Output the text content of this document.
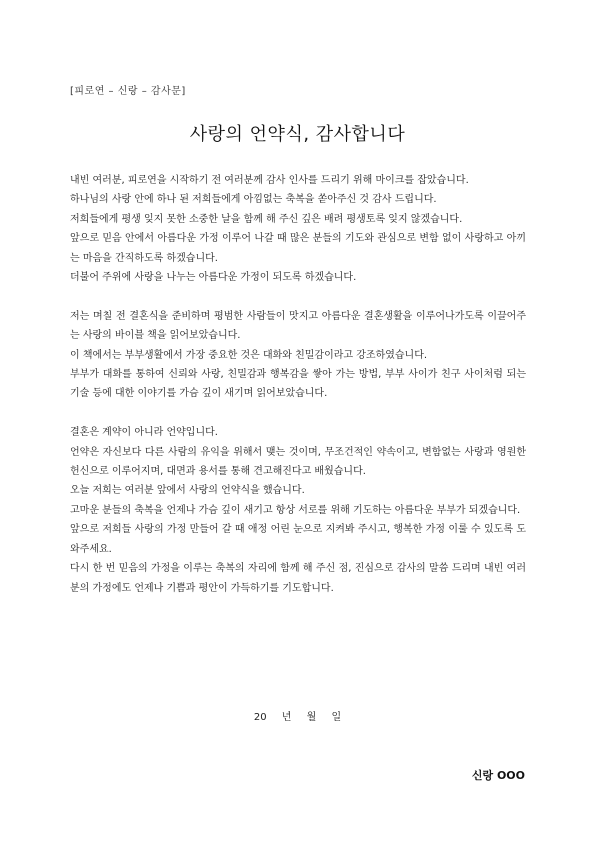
[피로연 – 신랑 – 감사문]
사랑의 언약식, 감사합니다

내빈 여러분, 피로연을 시작하기 전 여러분께 감사 인사를 드리기 위해 마이크를 잡았습니다.

하나님의 사랑 안에 하나 된 저희들에게 아낌없는 축복을 쏟아주신 것 감사 드립니다.

저희들에게 평생 잊지 못한 소중한 날을 함께 해 주신 깊은 배려 평생토록 잊지 않겠습니다.

앞으로 믿음 안에서 아름다운 가정 이루어 나갈 때 많은 분들의 기도와 관심으로 변함 없이 사랑하고 아끼는 마음을 간직하도록 하겠습니다.

더불어 주위에 사랑을 나누는 아름다운 가정이 되도록 하겠습니다.

저는 며칠 전 결혼식을 준비하며 평범한 사람들이 맛지고 아름다운 결혼생활을 이루어나가도록 이끌어주는 사랑의 바이블 책을 읽어보았습니다.

이 책에서는 부부생활에서 가장 중요한 것은 대화와 친밀감이라고 강조하였습니다.

부부가 대화를 통하여 신뢰와 사랑, 친밀감과 행복감을 쌓아 가는 방법, 부부 사이가 친구 사이처럼 되는 기술 등에 대한 이야기를 가슴 깊이 새기며 읽어보았습니다.

결혼은 계약이 아니라 언약입니다.

언약은 자신보다 다른 사람의 유익을 위해서 맺는 것이며, 무조건적인 약속이고, 변함없는 사랑과 영원한 헌신으로 이루어지며, 대면과 용서를 통해 견고해진다고 배웠습니다.

오늘 저희는 여러분 앞에서 사랑의 언약식을 했습니다.

고마운 분들의 축복을 언제나 가슴 깊이 새기고 항상 서로를 위해 기도하는 아름다운 부부가 되겠습니다.

앞으로 저희들 사랑의 가정 만들어 갈 때 애정 어린 눈으로 지켜봐 주시고, 행복한 가정 이룰 수 있도록 도와주세요.

다시 한 번 믿음의 가정을 이루는 축복의 자리에 함께 해 주신 점, 진심으로 감사의 말씀 드리며 내빈 여러분의 가정에도 언제나 기쁨과 평안이 가득하기를 기도합니다.

20 년 월 일
신랑 OOO
